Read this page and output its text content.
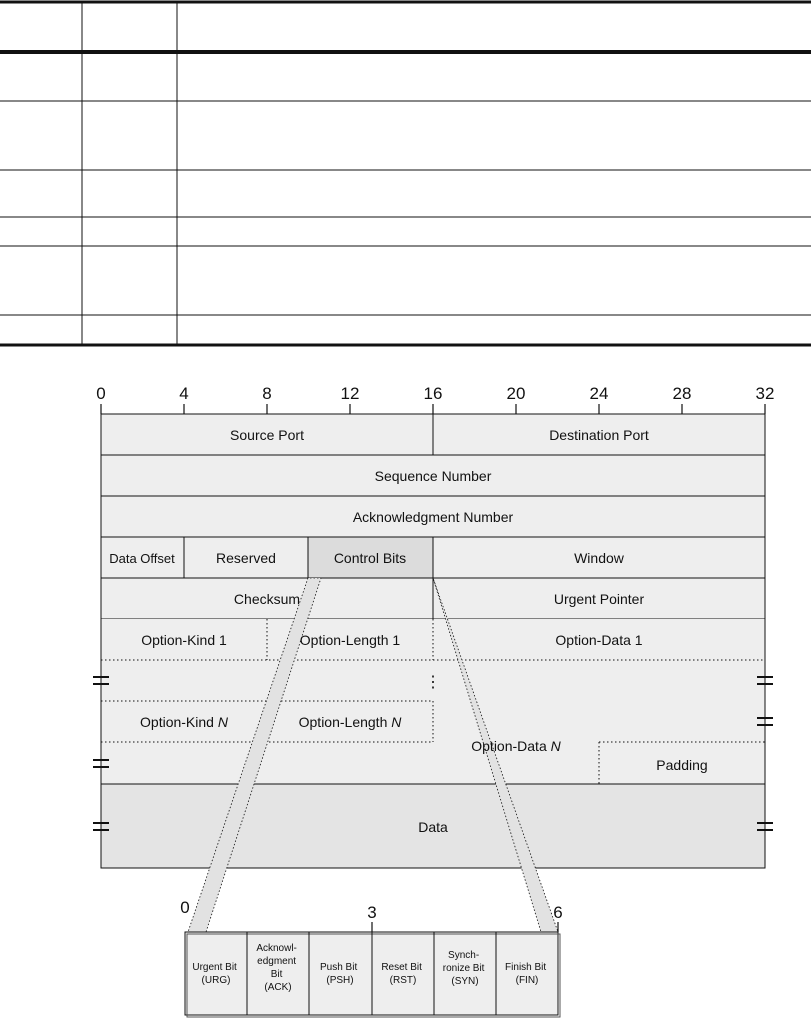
0	4	8	12	16	20	24	28	32
Source Port	Destination Port
Sequence Number
Acknowledgment Number
Data Offset	Reserved	Control Bits	Window
Checksum	Urgent Pointer
Option-Kind 1	Option-Length 1	Option-Data 1
⋮
Option-Kind N	Option-Length N
Option-Data N
Padding
Data
0	3	6
Urgent Bit (URG)
Acknowl- edgment Bit (ACK)
Push Bit (PSH)
Reset Bit (RST)
Synch- ronize Bit (SYN)
Finish Bit (FIN)
